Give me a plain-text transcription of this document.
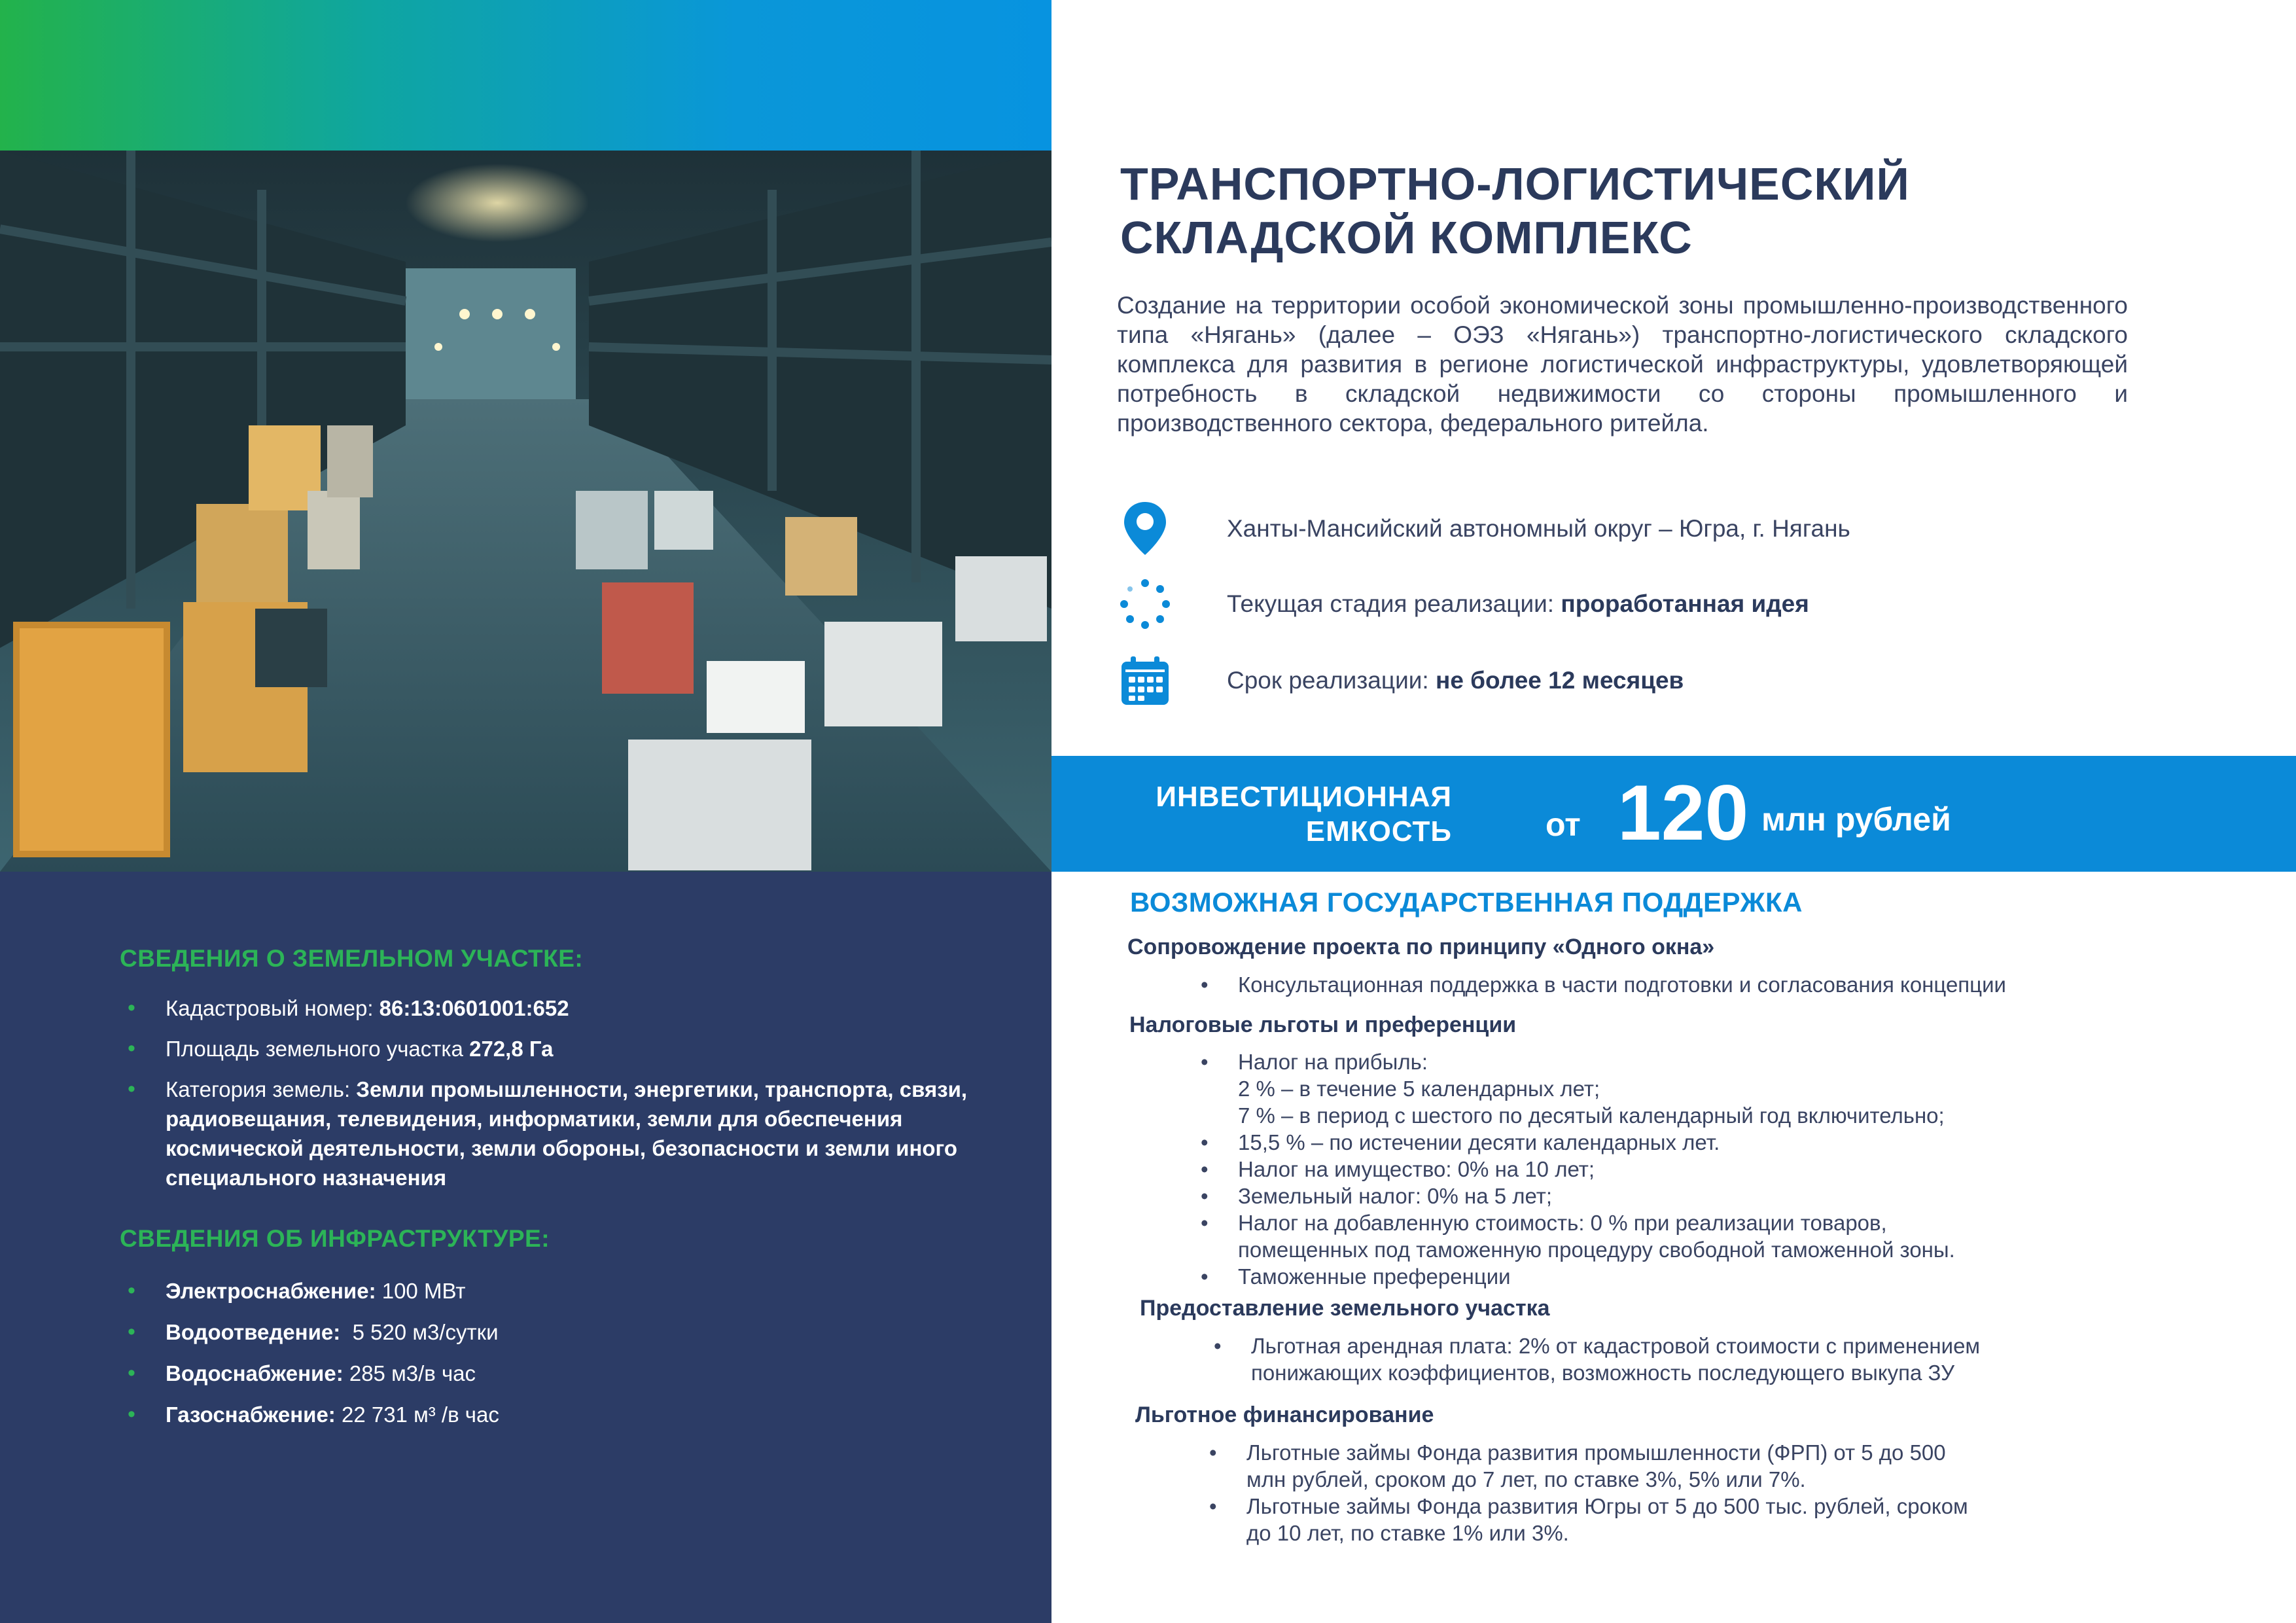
СВЕДЕНИЯ О ЗЕМЕЛЬНОМ УЧАСТКЕ:
• Кадастровый номер: 86:13:0601001:652
• Площадь земельного участка 272,8 Га
• Категория земель: Земли промышленности, энергетики, транспорта, связи, радиовещания, телевидения, информатики, земли для обеспечения космической деятельности, земли обороны, безопасности и земли иного специального назначения
СВЕДЕНИЯ ОБ ИНФРАСТРУКТУРЕ:
• Электроснабжение: 100 МВт
• Водоотведение:  5 520 м3/сутки
• Водоснабжение: 285 м3/в час
• Газоснабжение: 22 731 м³ /в час
ТРАНСПОРТНО-ЛОГИСТИЧЕСКИЙ
СКЛАДСКОЙ КОМПЛЕКС
Создание на территории особой экономической зоны промышленно-производственного типа «Нягань» (далее – ОЭЗ «Нягань») транспортно-логистического складского комплекса для развития в регионе логистической инфраструктуры, удовлетворяющей потребность в складской недвижимости со стороны промышленного и производственного сектора, федерального ритейла.
Ханты-Мансийский автономный округ – Югра, г. Нягань
Текущая стадия реализации: проработанная идея
Срок реализации: не более 12 месяцев
ИНВЕСТИЦИОННАЯ
ЕМКОСТЬ	от 120 млн рублей
ВОЗМОЖНАЯ ГОСУДАРСТВЕННАЯ ПОДДЕРЖКА
Сопровождение проекта по принципу «Одного окна»
• Консультационная поддержка в части подготовки и согласования концепции
Налоговые льготы и преференции
• Налог на прибыль:
2 % – в течение 5 календарных лет;
7 % – в период с шестого по десятый календарный год включительно;
• 15,5 % – по истечении десяти календарных лет.
• Налог на имущество: 0% на 10 лет;
• Земельный налог: 0% на 5 лет;
• Налог на добавленную стоимость: 0 % при реализации товаров,
помещенных под таможенную процедуру свободной таможенной зоны.
• Таможенные преференции
Предоставление земельного участка
• Льготная арендная плата: 2% от кадастровой стоимости с применением
понижающих коэффициентов, возможность последующего выкупа ЗУ
Льготное финансирование
• Льготные займы Фонда развития промышленности (ФРП) от 5 до 500
млн рублей, сроком до 7 лет, по ставке 3%, 5% или 7%.
• Льготные займы Фонда развития Югры от 5 до 500 тыс. рублей, сроком
до 10 лет, по ставке 1% или 3%.
